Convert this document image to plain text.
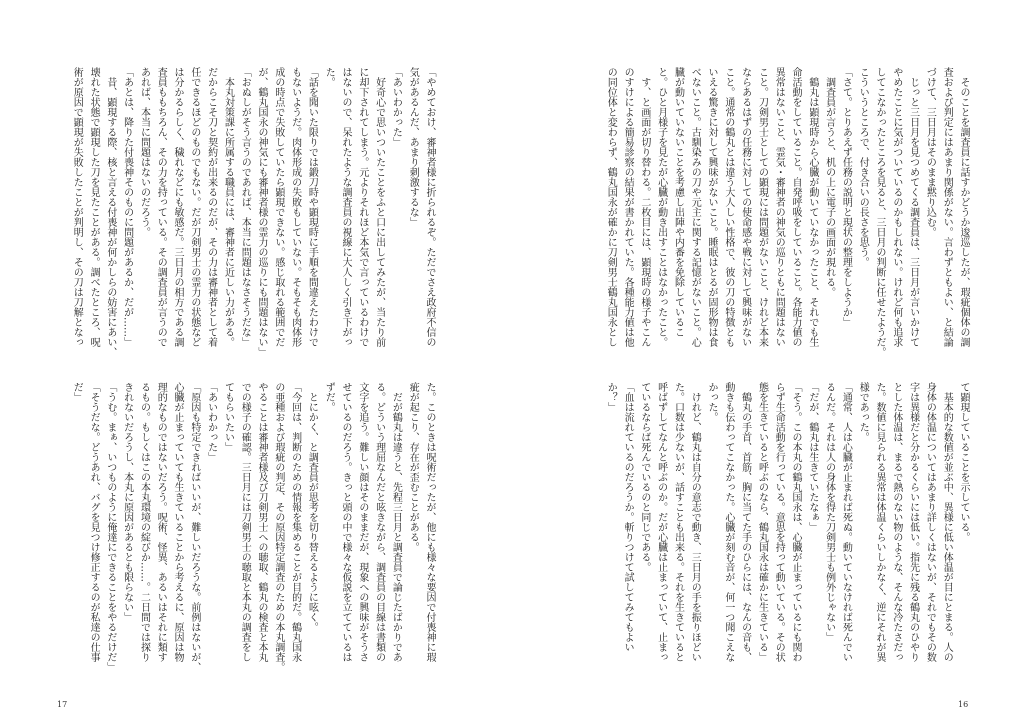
「やめておけ、審神者様に折られるぞ。ただでさえ政府不信の
気があるんだ、あまり刺激するな」
「あいわかった」
　好奇心で思いついたことをふと口に出してみたが、当たり前
に却下されてしまう。元よりそれほど本気で言っているわけで
はないので、呆れたような調査員の視線に大人しく引き下がっ
た。
「話を聞いた限りでは鍛刀時や顕現時に手順を間違えたわけで
もないようだ。肉体形成の失敗もしていない。そもそも肉体形
成の時点で失敗していたら顕現できない。感じ取れる範囲でだ
が、鶴丸国永の神気にも審神者様の霊力の巡りにも問題はない」
「おぬしがそう言うのであれば、本当に問題はなさそうだな」
　本丸対策課に所属する職員には、審神者に近しい力がある。
だからこそ刀と契約が出来るのだが、その力は審神者として着
任できるほどのものでもない。だが刀剣男士の霊力の状態など
は分かるらしく、穢れなどにも敏感だ。三日月の相方である調
査員ももちろん、その力を持っている。その調査員が言うので
あれば、本当に問題はないのだろう。
「あとは、降りた付喪神そのものに問題があるか、だが……」
　昔、顕現する際、核と言える付喪神が何かしらの妨害にあい、
壊れた状態で顕現した刀を見たことがある。調べたところ、呪
術が原因で顕現が失敗したことが判明し、その刀は刀解となっ
た。このときは呪術だったが、他にも様々な要因で付喪神に瑕
疵が起こり、存在が歪むことがある。
　だが鶴丸は違うと、先程三日月と調査員で論じたばかりであ
る。どういう理屈なんだと呟きながら、調査員の目線は書類の
文字を追う。難しい顔はそのままだが、現象への興味がそうさ
せているのだろう。きっと頭の中で様々な仮説を立てているは
ずだ。
　とにかく、と調査員が思考を切り替えるように呟く。
「今回は、判断のための情報を集めることが目的だ。鶴丸国永
の亜種および瑕疵の判定、その原因特定調査のための本丸調査。
やることは審神者様及び刀剣男士への聴取、鶴丸の検査と本丸
での様子の確認。三日月には刀剣男士の聴取と本丸の調査をし
てもらいたい」
「あいわかった」
「原因も特定できればいいが、難しいだろうな。前例はないが、
心臓が止まっていても生きていることから考えるに、原因は物
理的なものではないだろう。呪術、怪異、あるいはそれに類す
るもの。もしくはこの本丸環境の綻びか……。二日間では探り
きれないだろうし、本丸に原因があるとも限らない」
「うむ。まぁ、いつものように俺達にできることをやるだけだ」
「そうだな。どうあれ、バグを見つけ修正するのが私達の仕事
だ」
17
　そのことを調査員に話すかどうか逡巡したが、瑕疵個体の調
査および判定にはあまり関係がない。言わずともよい、と結論
づけて、三日月はそのまま黙り込む。
　じっと三日月を見つめてくる調査員は、三日月が言いかけて
やめたことに気がついているのかもしれない。けれど何も追求
してこなかったところを見ると、三日月の判断に任せたようだ。
こういうところで、付き合いの長さを思う。
「さて。とりあえず任務の説明と現状の整理をしようか」
　調査員が言うと、机の上に電子の画面が現れる。
　鶴丸は顕現時から心臓が動いていなかったこと、それでも生
命活動をしていること。自発呼吸をしていること。各能力値の
異常はないこと、霊気・審神者の神気の巡りともに問題はない
こと。刀剣男士としての顕現には問題がないこと、けれど本来
ならあるはずの任務に対しての使命感や戦に対して興味がない
こと。通常の鶴丸とは違う大人しい性格で、彼の刀の特徴とも
いえる驚きに対して興味がないこと。睡眠はとるが固形物は食
べないこと。古馴染みの刀や元主に関する記憶がないこと。心
臓が動いていないことを考慮し出陣や内番を免除しているこ
と。ひと月様子を見たが心臓が動き出すことはなかったこと。
　す、と画面が切り替わる。二枚目には、顕現時の様子やこん
のすけによる簡易診察の結果が書かれていた。各種能力値は他
の同位体と変わらず、鶴丸国永が確かに刀剣男士鶴丸国永とし
て顕現していることを示している。
　基本的な数値が並ぶ中、異様に低い体温が目にとまる。人の
身体の体温についてはあまり詳しくはないが、それでもその数
字は異様だと分かるくらいには低い。指先に残る鶴丸のひやり
とした体温は、まるで熱のない物のような、そんな冷たさだっ
た。数値に見られる異常は体温くらいしかなく、逆にそれが異
様であった。
「通常、人は心臓が止まれば死ぬ。動いていなければ死んでい
るんだ。それは人の身体を得た刀剣男士も例外じゃない」
「だが、鶴丸は生きていたなぁ」
「そう。この本丸の鶴丸国永は、心臓が止まっているにも関わ
らず生命活動を行っている。意思を持って動いている。その状
態を生きていると呼ぶのなら、鶴丸国永は確かに生きている」
　鶴丸の手首、首筋、胸に当てた手のひらには、なんの音も、
動きも伝わってこなかった。心臓が刻む音が、何一つ聞こえな
かった。
　けれど、鶴丸は自分の意志で動き、三日月の手を振りほどい
た。口数は少ないが、話すことも出来る。それを生きていると
呼ばずしてなんと呼ぶのか。だが心臓は止まっていて、止まっ
ているならば死んでいるのと同じである。
「血は流れているのだろうか。斬りつけて試してみてもよい
か？」
16
